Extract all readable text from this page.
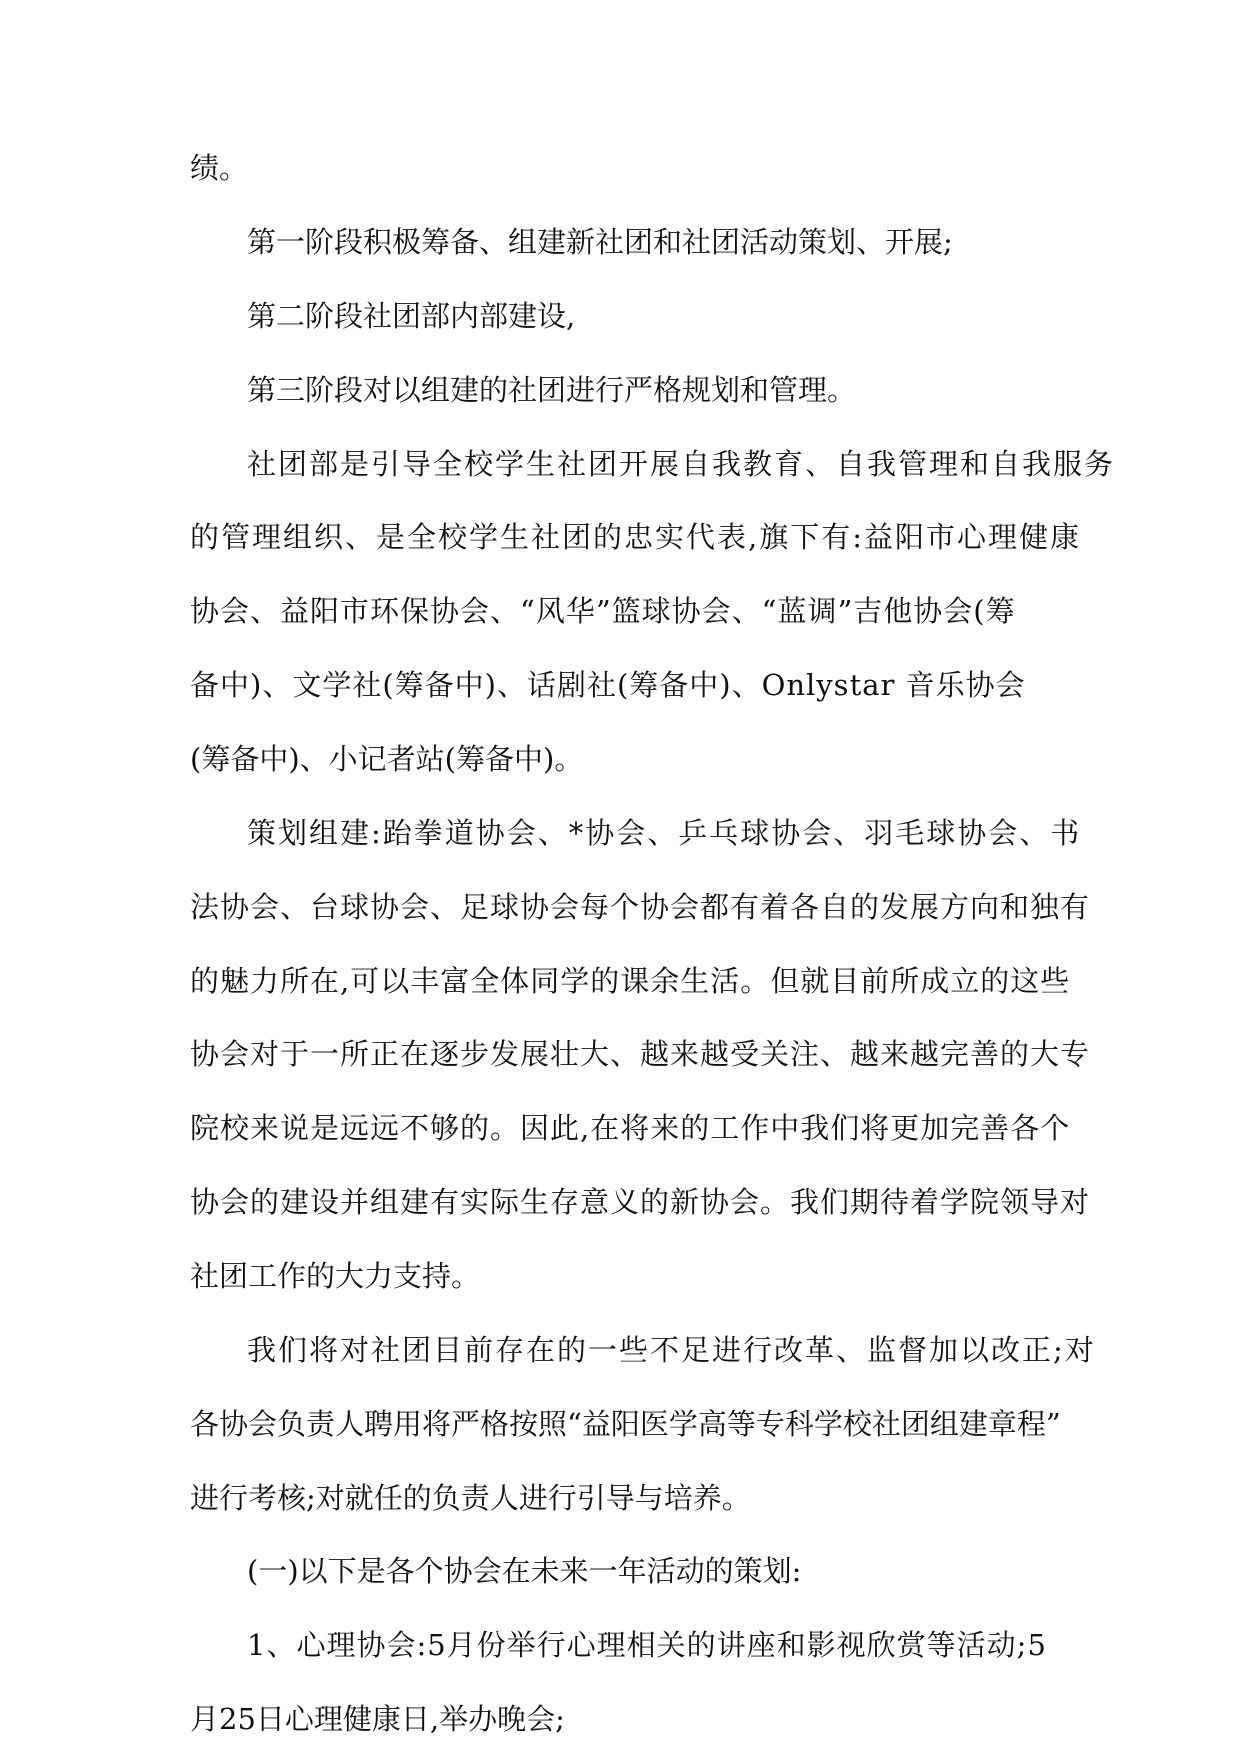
绩。
第一阶段积极筹备、组建新社团和社团活动策划、开展;
第二阶段社团部内部建设,
第三阶段对以组建的社团进行严格规划和管理。
社团部是引导全校学生社团开展自我教育、自我管理和自我服务
的管理组织、是全校学生社团的忠实代表,旗下有:益阳市心理健康
协会、益阳市环保协会、“风华”篮球协会、“蓝调”吉他协会(筹
备中)、文学社(筹备中)、话剧社(筹备中)、Onlystar 音乐协会
(筹备中)、小记者站(筹备中)。
策划组建:跆拳道协会、*协会、乒乓球协会、羽毛球协会、书
法协会、台球协会、足球协会每个协会都有着各自的发展方向和独有
的魅力所在,可以丰富全体同学的课余生活。但就目前所成立的这些
协会对于一所正在逐步发展壮大、越来越受关注、越来越完善的大专
院校来说是远远不够的。因此,在将来的工作中我们将更加完善各个
协会的建设并组建有实际生存意义的新协会。我们期待着学院领导对
社团工作的大力支持。
我们将对社团目前存在的一些不足进行改革、监督加以改正;对
各协会负责人聘用将严格按照“益阳医学高等专科学校社团组建章程”
进行考核;对就任的负责人进行引导与培养。
(一)以下是各个协会在未来一年活动的策划:
1、心理协会:5月份举行心理相关的讲座和影视欣赏等活动;5
月25日心理健康日,举办晚会;
